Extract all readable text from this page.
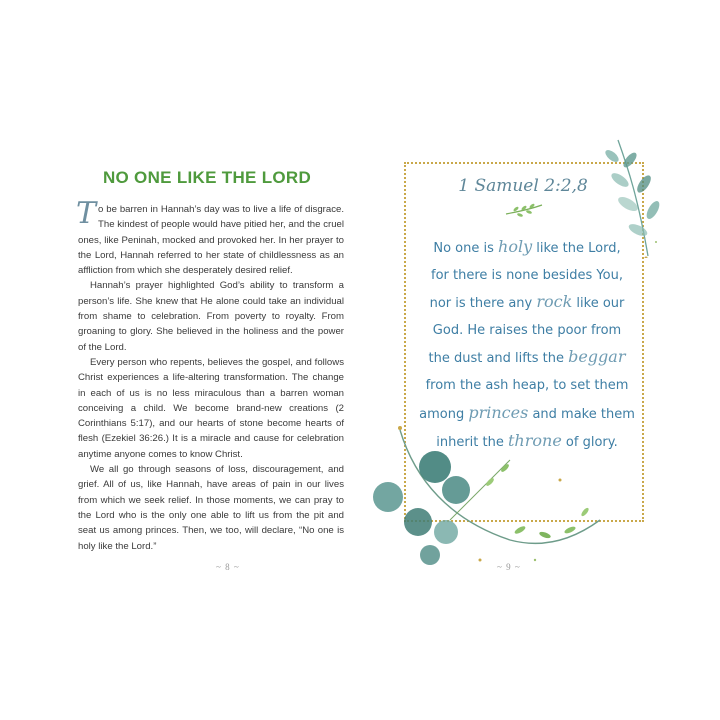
NO ONE LIKE THE LORD

To be barren in Hannah’s day was to live a life of disgrace. The kindest of people would have pitied her, and the cruel ones, like Peninah, mocked and provoked her. In her prayer to the Lord, Hannah referred to her state of childlessness as an affliction from which she desperately desired relief.

Hannah’s prayer highlighted God’s ability to transform a person’s life. She knew that He alone could take an individual from shame to celebration. From poverty to royalty. From groaning to glory. She believed in the holiness and the power of the Lord.

Every person who repents, believes the gospel, and follows Christ experiences a life-altering transformation. The change in each of us is no less miraculous than a barren woman conceiving a child. We become brand-new creations (2 Corinthians 5:17), and our hearts of stone become hearts of flesh (Ezekiel 36:26.) It is a miracle and cause for celebration anytime anyone comes to know Christ.

We all go through seasons of loss, discouragement, and grief. All of us, like Hannah, have areas of pain in our lives from which we seek relief. In those moments, we can pray to the Lord who is the only one able to lift us from the pit and seat us among princes. Then, we too, will declare, “No one is holy like the Lord.”

~ 8 ~
1 Samuel 2:2,8
No one is holy like the Lord,
for there is none besides You,
nor is there any rock like our
God. He raises the poor from
the dust and lifts the beggar
from the ash heap, to set them
among princes and make them
inherit the throne of glory.
~ 9 ~
